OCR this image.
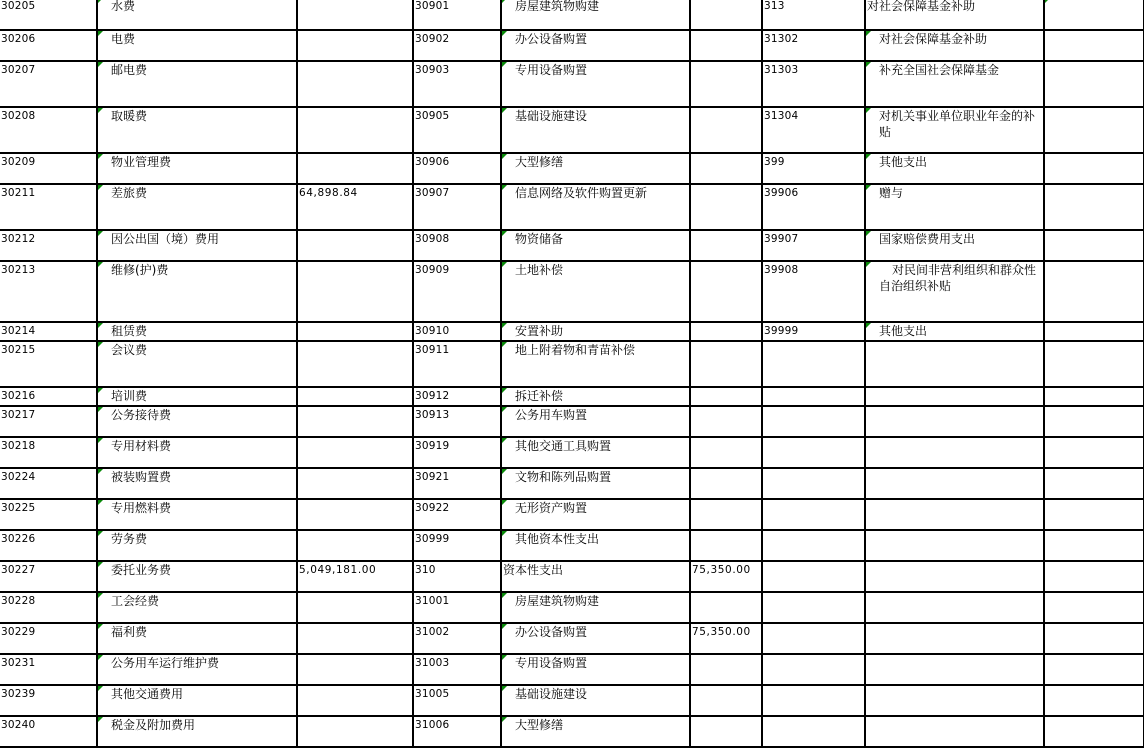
30205	水费		30901	房屋建筑物购建		313	对社会保障基金补助	

30206	电费		30902	办公设备购置		31302	对社会保障基金补助	
30207	邮电费		30903	专用设备购置		31303	补充全国社会保障基金	
30208	取暖费		30905	基础设施建设		31304	对机关事业单位职业年金的补贴	
30209	物业管理费		30906	大型修缮		399	其他支出	
30211	差旅费	64,898.84	30907	信息网络及软件购置更新		39906	赠与	
30212	因公出国（境）费用		30908	物资储备		39907	国家赔偿费用支出	
30213	维修(护)费		30909	土地补偿		39908	对民间非营利组织和群众性自治组织补贴	
30214	租赁费		30910	安置补助		39999	其他支出	
30215	会议费		30911	地上附着物和青苗补偿				
30216	培训费		30912	拆迁补偿				
30217	公务接待费		30913	公务用车购置				
30218	专用材料费		30919	其他交通工具购置				
30224	被装购置费		30921	文物和陈列品购置				
30225	专用燃料费		30922	无形资产购置				
30226	劳务费		30999	其他资本性支出				
30227	委托业务费	5,049,181.00	310	资本性支出	75,350.00			
30228	工会经费		31001	房屋建筑物购建				
30229	福利费		31002	办公设备购置	75,350.00			
30231	公务用车运行维护费		31003	专用设备购置				
30239	其他交通费用		31005	基础设施建设				
30240	税金及附加费用		31006	大型修缮				
